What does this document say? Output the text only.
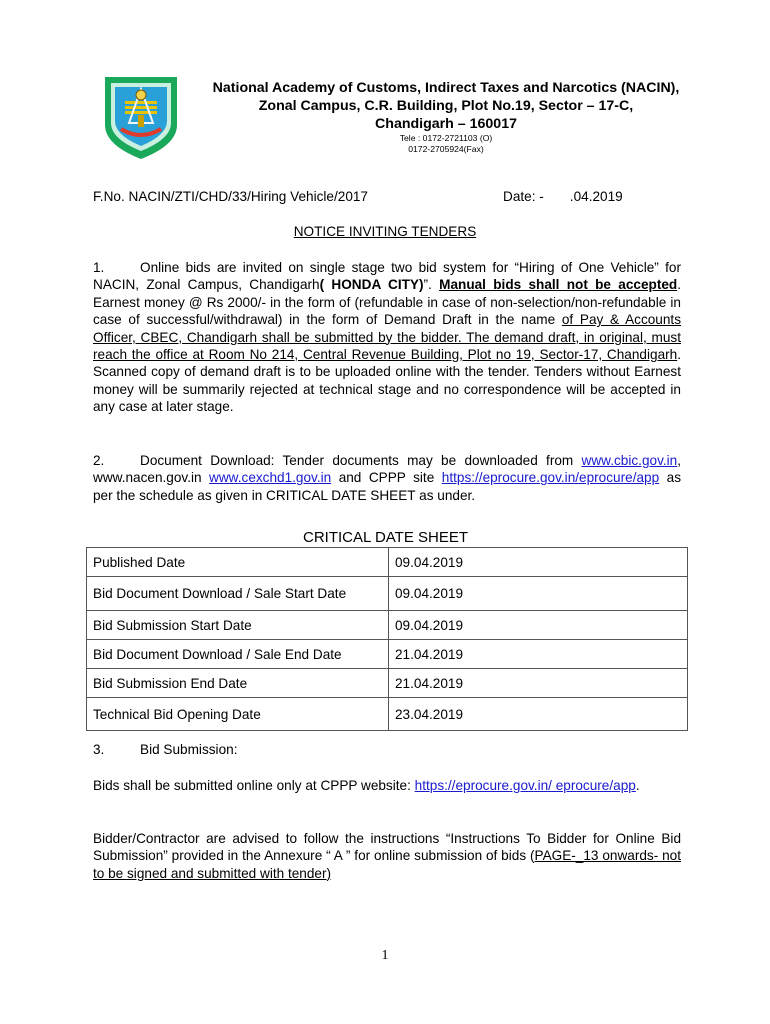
National Academy of Customs, Indirect Taxes and Narcotics (NACIN),
Zonal Campus, C.R. Building, Plot No.19, Sector – 17-C,
Chandigarh – 160017
Tele : 0172-2721103 (O)
0172-2705924(Fax)
F.No. NACIN/ZTI/CHD/33/Hiring Vehicle/2017	Date: - .04.2019
NOTICE INVITING TENDERS
1.	Online bids are invited on single stage two bid system for “Hiring of One Vehicle” for NACIN, Zonal Campus, Chandigarh( HONDA CITY)”. Manual bids shall not be accepted. Earnest money @ Rs 2000/- in the form of (refundable in case of non-selection/non-refundable in case of successful/withdrawal) in the form of Demand Draft in the name of Pay & Accounts Officer, CBEC, Chandigarh shall be submitted by the bidder. The demand draft, in original, must reach the office at Room No 214, Central Revenue Building, Plot no 19, Sector-17, Chandigarh. Scanned copy of demand draft is to be uploaded online with the tender. Tenders without Earnest money will be summarily rejected at technical stage and no correspondence will be accepted in any case at later stage.
2.	Document Download: Tender documents may be downloaded from www.cbic.gov.in, www.nacen.gov.in www.cexchd1.gov.in and CPPP site https://eprocure.gov.in/eprocure/app as per the schedule as given in CRITICAL DATE SHEET as under.
CRITICAL DATE SHEET
Published Date	09.04.2019
Bid Document Download / Sale Start Date	09.04.2019
Bid Submission Start Date	09.04.2019
Bid Document Download / Sale End Date	21.04.2019
Bid Submission End Date	21.04.2019
Technical Bid Opening Date	23.04.2019
3.	Bid Submission:
Bids shall be submitted online only at CPPP website: https://eprocure.gov.in/ eprocure/app.
Bidder/Contractor are advised to follow the instructions “Instructions To Bidder for Online Bid Submission” provided in the Annexure “ A ” for online submission of bids (PAGE-_13 onwards- not to be signed and submitted with tender)
1
